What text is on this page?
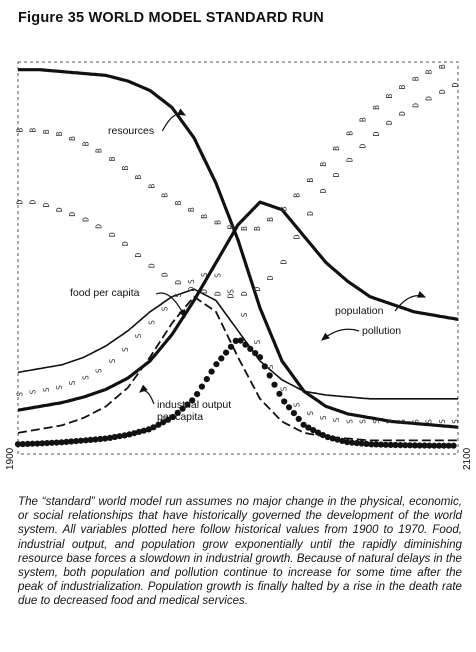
Figure 35 WORLD MODEL STANDARD RUN
B B B B
B
B
B
B
B
B
B
B
B
B
B
B
B B B
B
B
B
B
B
B
B
B
B
B
B
B
B
B
D D
D
D
D
D
D
D
D
D
D
D
D
D D D D D
D
D
D
D
D
D
D
D
D
D
D
D
D
D
D
D
S S S S
S
S
S
S
S
S
S
S
S
S
S S
S
S
S
S
S
S
S
S S S S S S S S S S S
resources
food per capita
industrial output
per capita
population
pollution
1900	2100
The “standard” world model run assumes no major change in the physical, economic, or social relationships that have historically governed the development of the world system. All variables plotted here follow historical values from 1900 to 1970. Food, industrial output, and population grow exponentially until the rapidly diminishing resource base forces a slowdown in industrial growth. Because of natural delays in the system, both population and pollution continue to increase for some time after the peak of industrialization. Population growth is finally halted by a rise in the death rate due to decreased food and medical services.
